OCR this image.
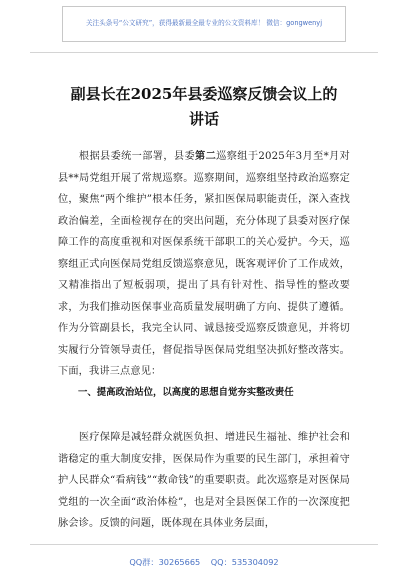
关注头条号“公文研究”，获得最新最全最专业的公文资料库！ 微信：gongwenyj
副县长在2025年县委巡察反馈会议上的
讲话
根据县委统一部署，县委第二巡察组于2025年3月至*月对县**局党组开展了常规巡察。巡察期间，巡察组坚持政治巡察定位，聚焦“两个维护”根本任务，紧扣医保局职能责任，深入查找政治偏差，全面检视存在的突出问题，充分体现了县委对医疗保障工作的高度重视和对医保系统干部职工的关心爱护。今天，巡察组正式向医保局党组反馈巡察意见，既客观评价了工作成效，又精准指出了短板弱项，提出了具有针对性、指导性的整改要求，为我们推动医保事业高质量发展明确了方向、提供了遵循。作为分管副县长，我完全认同、诚恳接受巡察反馈意见，并将切实履行分管领导责任，督促指导医保局党组坚决抓好整改落实。下面，我讲三点意见：
一、提高政治站位，以高度的思想自觉夯实整改责任
医疗保障是减轻群众就医负担、增进民生福祉、维护社会和谐稳定的重大制度安排，医保局作为重要的民生部门，承担着守护人民群众“看病钱”“救命钱”的重要职责。此次巡察是对医保局党组的一次全面“政治体检”，也是对全县医保工作的一次深度把脉会诊。反馈的问题，既体现在具体业务层面，
QQ群：30265665 QQ：535304092
